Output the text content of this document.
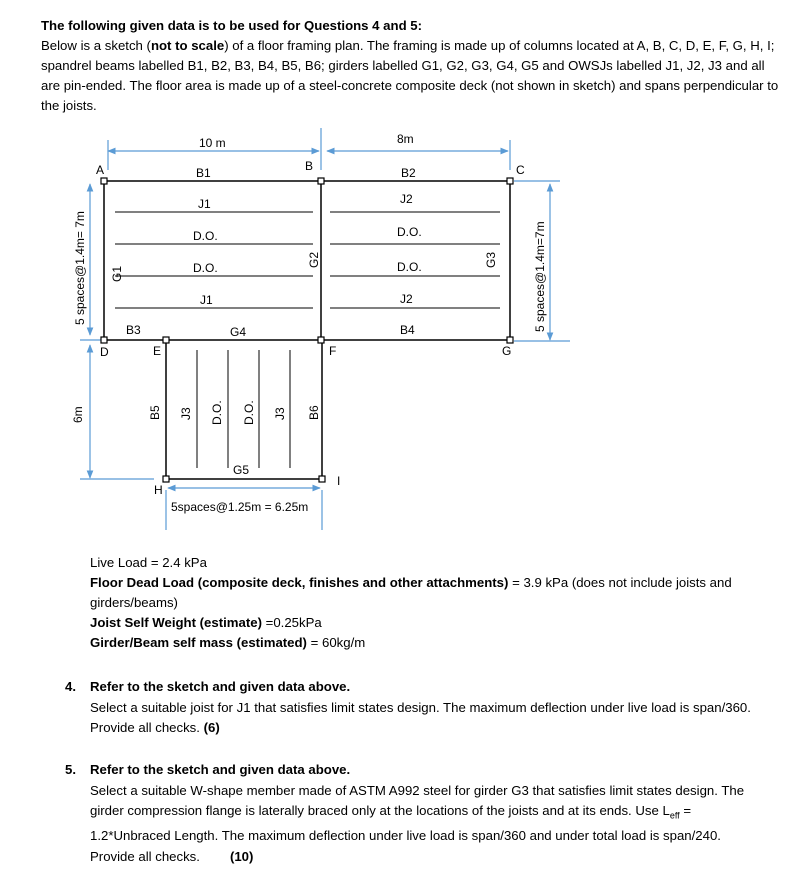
The following given data is to be used for Questions 4 and 5:

Below is a sketch (not to scale) of a floor framing plan. The framing is made up of columns located at A, B, C, D, E, F, G, H, I; spandrel beams labelled B1, B2, B3, B4, B5, B6; girders labelled G1, G2, G3, G4, G5 and OWSJs labelled J1, J2, J3 and all are pin-ended. The floor area is made up of a steel-concrete composite deck (not shown in sketch) and spans perpendicular to the joists.

10 m	8m
A	B	C
D	E	F	G
H
I
B1	B2
B3	B4
G4
G5
J1
D.O.
D.O.
J1
J2
D.O.
D.O.
J2
5spaces@1.25m = 6.25m
G1
G2	G3
5 spaces@1.4m= 7m	5 spaces@1.4m=7m
6m	B5 J3 D.O. D.O. J3 B6

Live Load = 2.4 kPa

Floor Dead Load (composite deck, finishes and other attachments) = 3.9 kPa (does not include joists and girders/beams)

Joist Self Weight (estimate) =0.25kPa

Girder/Beam self mass (estimated) = 60kg/m

4. Refer to the sketch and given data above.

Select a suitable joist for J1 that satisfies limit states design. The maximum deflection under live load is span/360. Provide all checks. (6)

5. Refer to the sketch and given data above.

Select a suitable W-shape member made of ASTM A992 steel for girder G3 that satisfies limit states design. The girder compression flange is laterally braced only at the locations of the joists and at its ends. Use $L_{eff}$ = 1.2*Unbraced Length. The maximum deflection under live load is span/360 and under total load is span/240. Provide all checks. (10)
